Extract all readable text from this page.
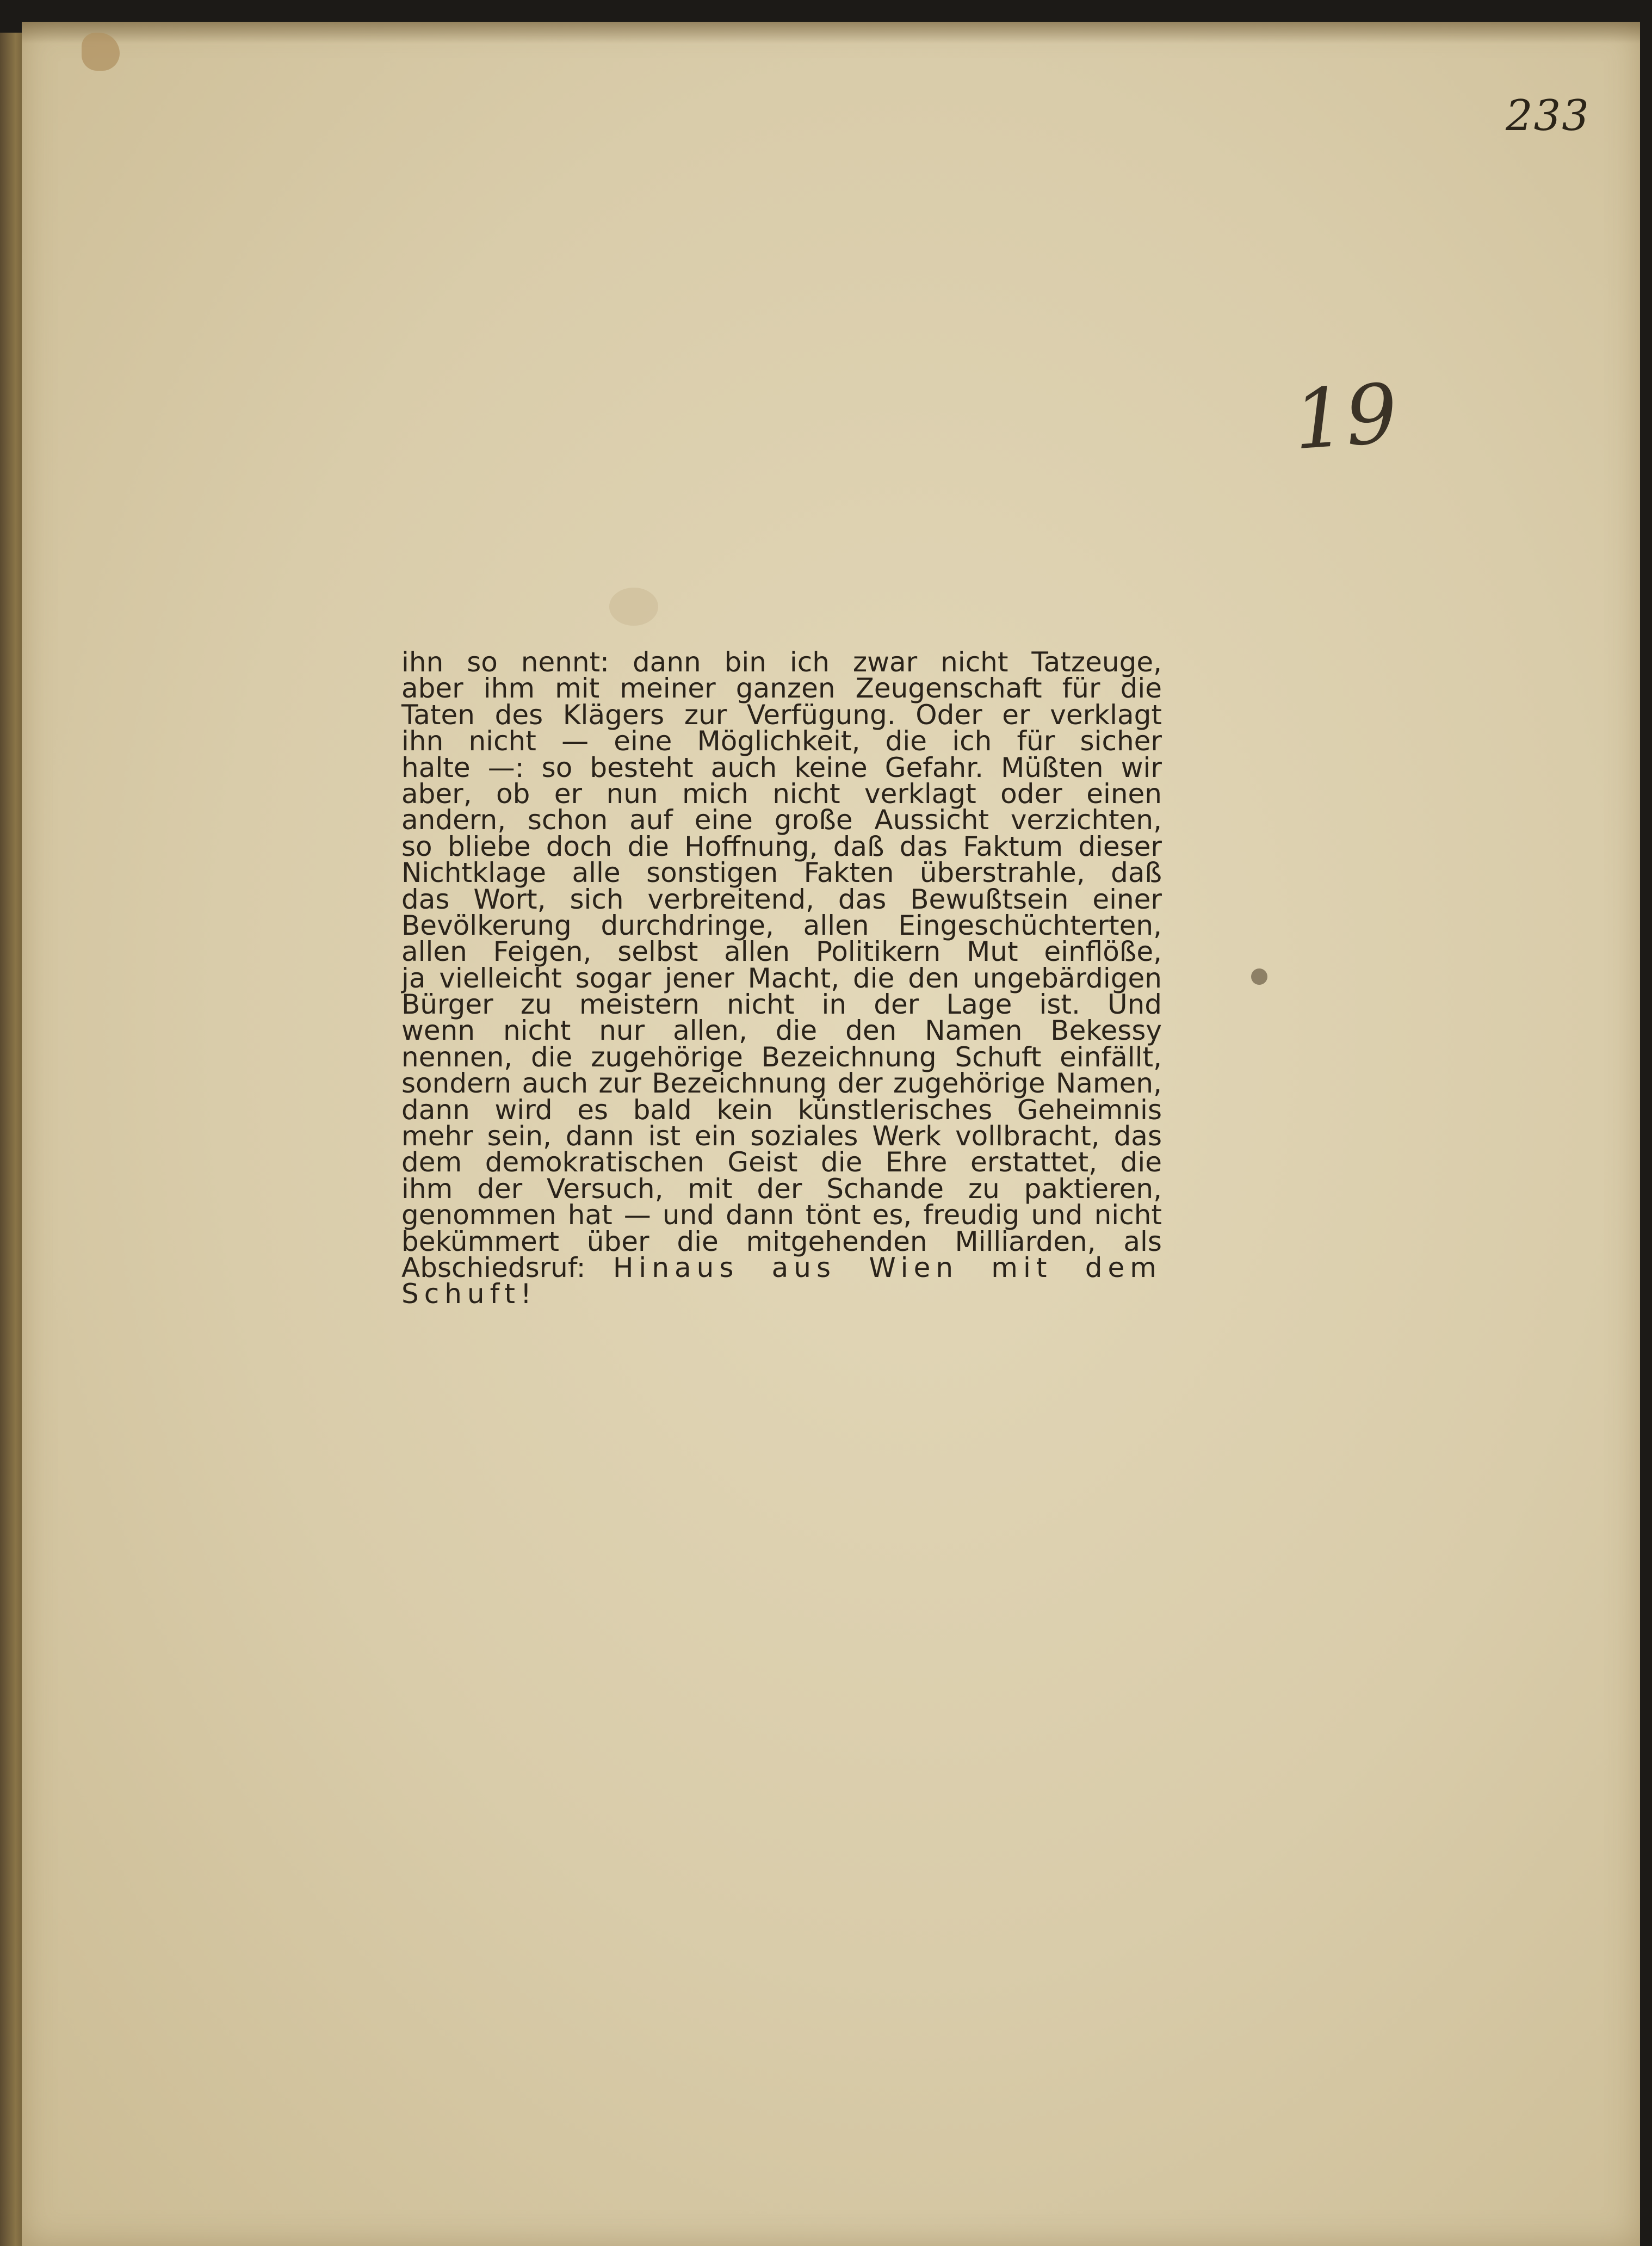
233
19
ihn so nennt: dann bin ich zwar nicht Tatzeuge,
aber ihm mit meiner ganzen Zeugenschaft für die
Taten des Klägers zur Verfügung. Oder er verklagt
ihn nicht — eine Möglichkeit, die ich für sicher
halte —: so besteht auch keine Gefahr. Müßten wir
aber, ob er nun mich nicht verklagt oder einen
andern, schon auf eine große Aussicht verzichten,
so bliebe doch die Hoffnung, daß das Faktum dieser
Nichtklage alle sonstigen Fakten überstrahle, daß
das Wort, sich verbreitend, das Bewußtsein einer
Bevölkerung durchdringe, allen Eingeschüchterten,
allen Feigen, selbst allen Politikern Mut einflöße,
ja vielleicht sogar jener Macht, die den ungebärdigen
Bürger zu meistern nicht in der Lage ist. Und
wenn nicht nur allen, die den Namen Bekessy
nennen, die zugehörige Bezeichnung Schuft einfällt,
sondern auch zur Bezeichnung der zugehörige Namen,
dann wird es bald kein künstlerisches Geheimnis
mehr sein, dann ist ein soziales Werk vollbracht, das
dem demokratischen Geist die Ehre erstattet, die
ihm der Versuch, mit der Schande zu paktieren,
genommen hat — und dann tönt es, freudig und nicht
bekümmert über die mitgehenden Milliarden, als
Abschiedsruf: Hinaus aus Wien mit dem
Schuft!
